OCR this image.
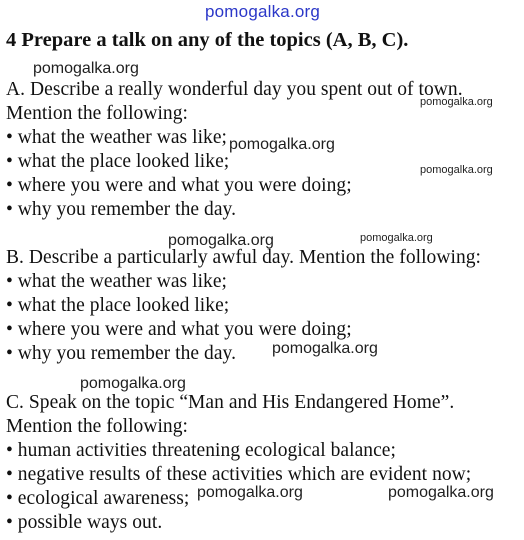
pomogalka.org
4 Prepare a talk on any of the topics (A, B, C).
A. Describe a really wonderful day you spent out of town.
Mention the following:
• what the weather was like;
• what the place looked like;
• where you were and what you were doing;
• why you remember the day.
B. Describe a particularly awful day. Mention the following:
• what the weather was like;
• what the place looked like;
• where you were and what you were doing;
• why you remember the day.
C. Speak on the topic “Man and His Endangered Home”.
Mention the following:
• human activities threatening ecological balance;
• negative results of these activities which are evident now;
• ecological awareness;
• possible ways out.
pomogalka.org
pomogalka.org
pomogalka.org
pomogalka.org
pomogalka.org	pomogalka.org
pomogalka.org
pomogalka.org
pomogalka.org	pomogalka.org
